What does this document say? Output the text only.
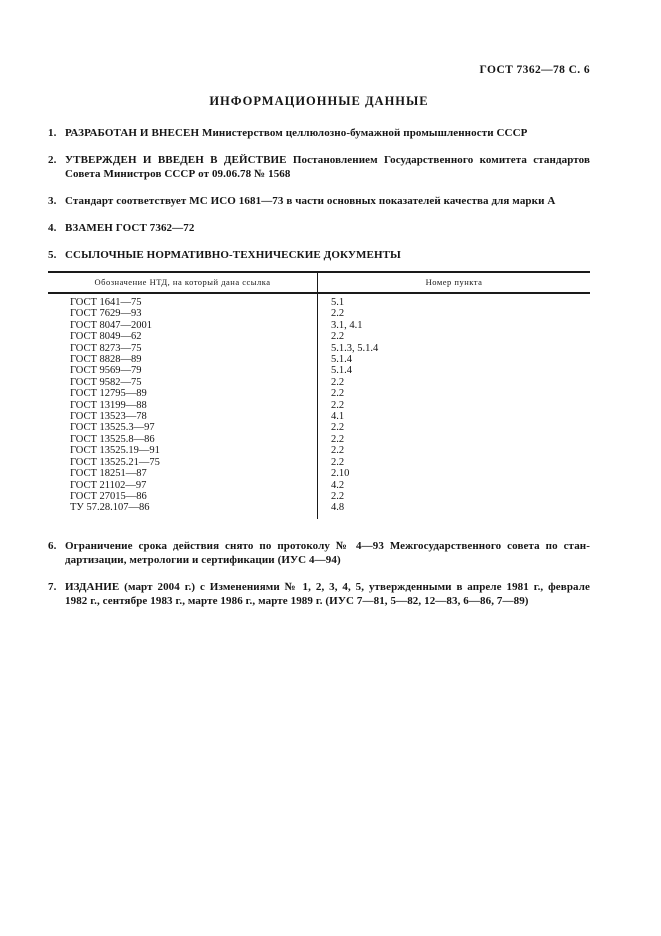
ГОСТ 7362—78 С. 6
ИНФОРМАЦИОННЫЕ ДАННЫЕ
1. РАЗРАБОТАН И ВНЕСЕН Министерством целлюлозно-бумажной промышленности СССР
2. УТВЕРЖДЕН И ВВЕДЕН В ДЕЙСТВИЕ Постановлением Государственного комитета стандартов
Совета Министров СССР от 09.06.78 № 1568
3. Стандарт соответствует МС ИСО 1681—73 в части основных показателей качества для марки А
4. ВЗАМЕН ГОСТ 7362—72
5. ССЫЛОЧНЫЕ НОРМАТИВНО-ТЕХНИЧЕСКИЕ ДОКУМЕНТЫ
Обозначение НТД, на который дана ссылка	Номер пункта
ГОСТ 1641—75	5.1
ГОСТ 7629—93	2.2
ГОСТ 8047—2001	3.1, 4.1
ГОСТ 8049—62	2.2
ГОСТ 8273—75	5.1.3, 5.1.4
ГОСТ 8828—89	5.1.4
ГОСТ 9569—79	5.1.4
ГОСТ 9582—75	2.2
ГОСТ 12795—89	2.2
ГОСТ 13199—88	2.2
ГОСТ 13523—78	4.1
ГОСТ 13525.3—97	2.2
ГОСТ 13525.8—86	2.2
ГОСТ 13525.19—91	2.2
ГОСТ 13525.21—75	2.2
ГОСТ 18251—87	2.10
ГОСТ 21102—97	4.2
ГОСТ 27015—86	2.2
ТУ 57.28.107—86	4.8
6. Ограничение срока действия снято по протоколу № 4—93 Межгосударственного совета по стан-
дартизации, метрологии и сертификации (ИУС 4—94)
7. ИЗДАНИЕ (март 2004 г.) с Изменениями № 1, 2, 3, 4, 5, утвержденными в апреле 1981 г., феврале
1982 г., сентябре 1983 г., марте 1986 г., марте 1989 г. (ИУС 7—81, 5—82, 12—83, 6—86, 7—89)
